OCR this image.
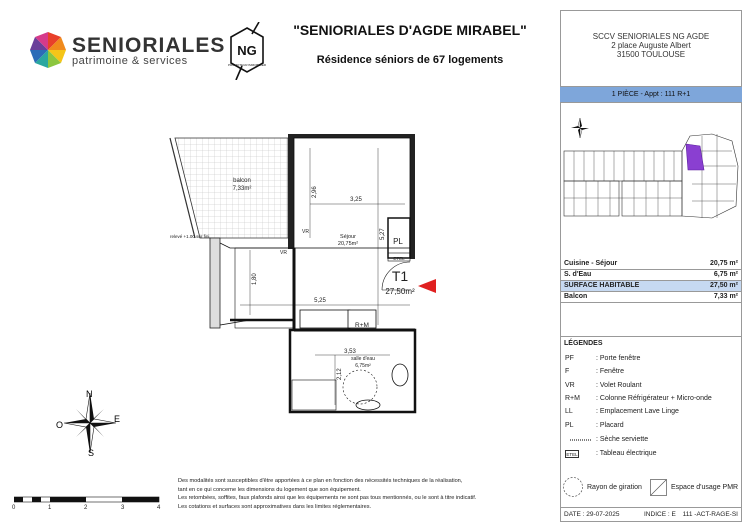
SENIORIALES
patrimoine & services
NG
PROMOTEUR IMMOBILIER
"SENIORIALES D'AGDE MIRABEL"
Résidence séniors de 67 logements
balcon
7,33m²
Séjour
20,75m²
salle d'eau
6,75m²
T1
27,50m²
PL
ETEL
R+M
VR
VR
PF
relevé +1.00 sur fini
3,25
2,96
5,27
1,80
5,25
3,53
2,12
N
E
O
S
0	1	2	3	4
Des modalités sont susceptibles d'être apportées à ce plan en fonction des nécessités techniques de la réalisation,
tant en ce qui concerne les dimensions du logement que son équipement.
Les retombées, soffites, faux plafonds ainsi que les équipements ne sont pas tous mentionnés, ou le sont à titre indicatif.
Les cotations et surfaces sont approximatives dans les limites réglementaires.
SCCV SENIORIALES NG AGDE
2 place Auguste Albert
31500 TOULOUSE
1 PIÈCE - Appt : 111 R+1
Cuisine - Séjour	20,75 m²
S. d'Eau	6,75 m²
SURFACE HABITABLE	27,50 m²
Balcon	7,33 m²
LÉGENDES
PF	: Porte fenêtre
F	: Fenêtre
VR	: Volet Roulant
R+M	: Colonne Réfrigérateur + Micro-onde
LL	: Emplacement Lave Linge
PL	: Placard
: Sèche serviette
ETEL	: Tableau électrique
Rayon de giration	Espace d'usage PMR
DATE : 29-07-2025	INDICE : E 111 -ACT-RAGE-SI
